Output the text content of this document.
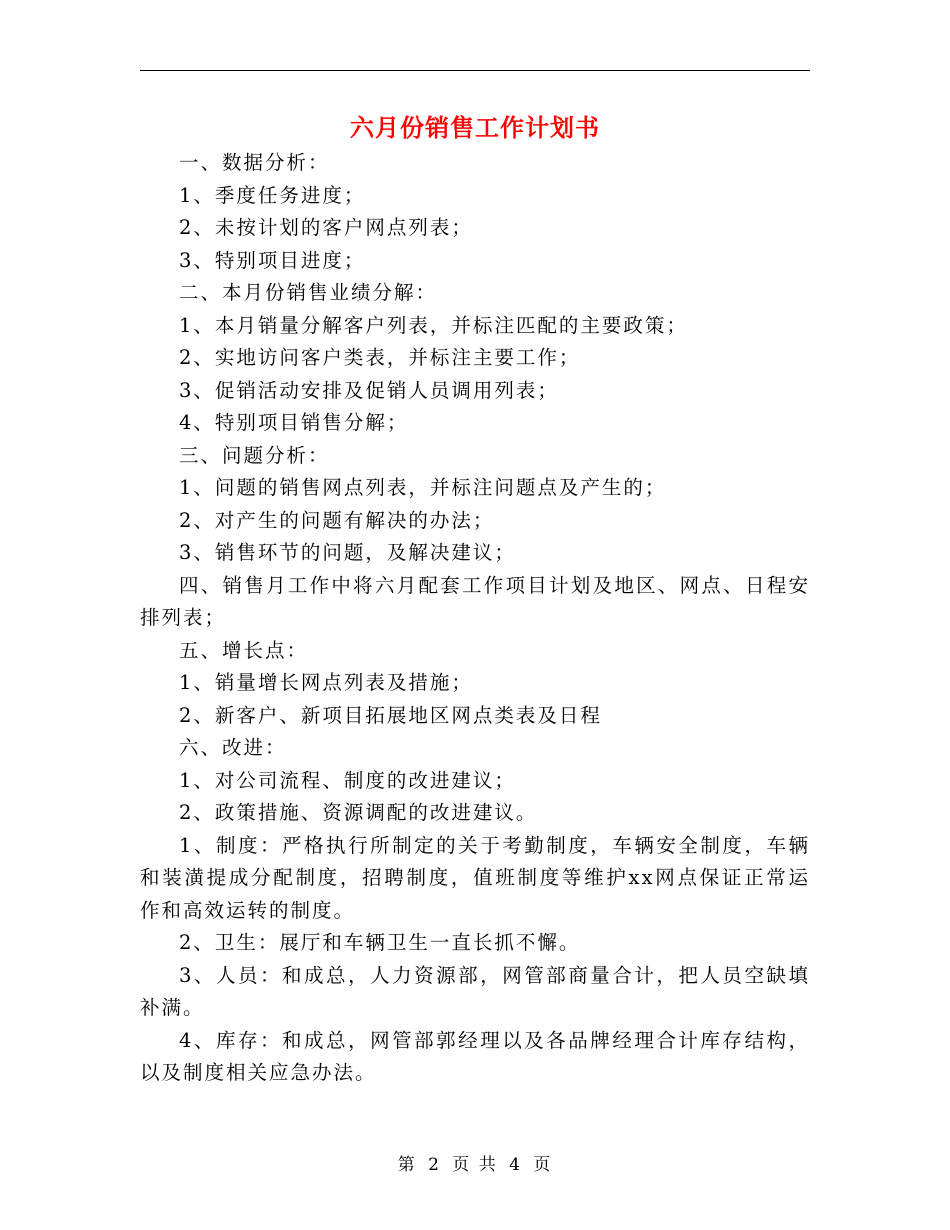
六月份销售工作计划书

一、数据分析：

1、季度任务进度；

2、未按计划的客户网点列表；

3、特别项目进度；

二、本月份销售业绩分解：

1、本月销量分解客户列表，并标注匹配的主要政策；

2、实地访问客户类表，并标注主要工作；

3、促销活动安排及促销人员调用列表；

4、特别项目销售分解；

三、问题分析：

1、问题的销售网点列表，并标注问题点及产生的；

2、对产生的问题有解决的办法；

3、销售环节的问题，及解决建议；

四、销售月工作中将六月配套工作项目计划及地区、网点、日程安排列表；

五、增长点：

1、销量增长网点列表及措施；

2、新客户、新项目拓展地区网点类表及日程

六、改进：

1、对公司流程、制度的改进建议；

2、政策措施、资源调配的改进建议。

1、制度：严格执行所制定的关于考勤制度，车辆安全制度，车辆和装潢提成分配制度，招聘制度，值班制度等维护xx网点保证正常运作和高效运转的制度。

2、卫生：展厅和车辆卫生一直长抓不懈。

3、人员：和成总，人力资源部，网管部商量合计，把人员空缺填补满。

4、库存：和成总，网管部郭经理以及各品牌经理合计库存结构，以及制度相关应急办法。

第 2 页 共 4 页
